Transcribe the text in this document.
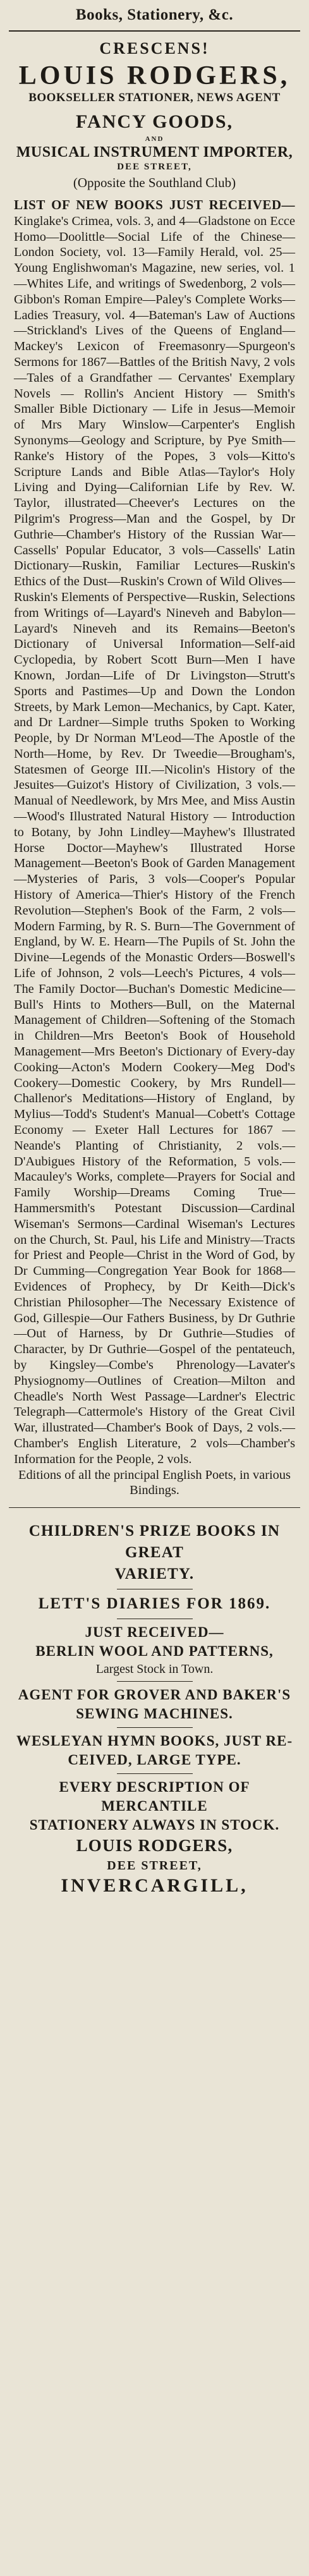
Books, Stationery, &c.
CRESCENS!
LOUIS RODGERS,
BOOKSELLER STATIONER, NEWS AGENT
FANCY GOODS,
AND
MUSICAL INSTRUMENT IMPORTER,
DEE STREET,
(Opposite the Southland Club)
LIST OF NEW BOOKS JUST RECEIVED—Kinglake's Crimea, vols. 3, and 4—Gladstone on Ecce Homo—Doolittle—Social Life of the Chinese—London Society, vol. 13—Family Herald, vol. 25—Young Englishwoman's Magazine, new series, vol. 1—Whites Life, and writings of Swedenborg, 2 vols—Gibbon's Roman Empire—Paley's Complete Works—Ladies Treasury, vol. 4—Bateman's Law of Auctions—Strickland's Lives of the Queens of England—Mackey's Lexicon of Freemasonry—Spurgeon's Sermons for 1867—Battles of the British Navy, 2 vols—Tales of a Grandfather — Cervantes' Exemplary Novels — Rollin's Ancient History — Smith's Smaller Bible Dictionary — Life in Jesus—Memoir of Mrs Mary Winslow—Carpenter's English Synonyms—Geology and Scripture, by Pye Smith—Ranke's History of the Popes, 3 vols—Kitto's Scripture Lands and Bible Atlas—Taylor's Holy Living and Dying—Californian Life by Rev. W. Taylor, illustrated—Cheever's Lectures on the Pilgrim's Progress—Man and the Gospel, by Dr Guthrie—Chamber's History of the Russian War—Cassells' Popular Educator, 3 vols—Cassells' Latin Dictionary—Ruskin, Familiar Lectures—Ruskin's Ethics of the Dust—Ruskin's Crown of Wild Olives—Ruskin's Elements of Perspective—Ruskin, Selections from Writings of—Layard's Nineveh and Babylon—Layard's Nineveh and its Remains—Beeton's Dictionary of Universal Information—Self-aid Cyclopedia, by Robert Scott Burn—Men I have Known, Jordan—Life of Dr Livingston—Strutt's Sports and Pastimes—Up and Down the London Streets, by Mark Lemon—Mechanics, by Capt. Kater, and Dr Lardner—Simple truths Spoken to Working People, by Dr Norman M'Leod—The Apostle of the North—Home, by Rev. Dr Tweedie—Brougham's, Statesmen of George III.—Nicolin's History of the Jesuites—Guizot's History of Civilization, 3 vols.—Manual of Needlework, by Mrs Mee, and Miss Austin—Wood's Illustrated Natural History — Introduction to Botany, by John Lindley—Mayhew's Illustrated Horse Doctor—Mayhew's Illustrated Horse Management—Beeton's Book of Garden Management—Mysteries of Paris, 3 vols—Cooper's Popular History of America—Thier's History of the French Revolution—Stephen's Book of the Farm, 2 vols—Modern Farming, by R. S. Burn—The Government of England, by W. E. Hearn—The Pupils of St. John the Divine—Legends of the Monastic Orders—Boswell's Life of Johnson, 2 vols—Leech's Pictures, 4 vols—The Family Doctor—Buchan's Domestic Medicine—Bull's Hints to Mothers—Bull, on the Maternal Management of Children—Softening of the Stomach in Children—Mrs Beeton's Book of Household Management—Mrs Beeton's Dictionary of Every-day Cooking—Acton's Modern Cookery—Meg Dod's Cookery—Domestic Cookery, by Mrs Rundell—Challenor's Meditations—History of England, by Mylius—Todd's Student's Manual—Cobett's Cottage Economy — Exeter Hall Lectures for 1867 — Neande's Planting of Christianity, 2 vols.—D'Aubigues History of the Reformation, 5 vols.—Macauley's Works, complete—Prayers for Social and Family Worship—Dreams Coming True—Hammersmith's Potestant Discussion—Cardinal Wiseman's Sermons—Cardinal Wiseman's Lectures on the Church, St. Paul, his Life and Ministry—Tracts for Priest and People—Christ in the Word of God, by Dr Cumming—Congregation Year Book for 1868—Evidences of Prophecy, by Dr Keith—Dick's Christian Philosopher—The Necessary Existence of God, Gillespie—Our Fathers Business, by Dr Guthrie—Out of Harness, by Dr Guthrie—Studies of Character, by Dr Guthrie—Gospel of the pentateuch, by Kingsley—Combe's Phrenology—Lavater's Physiognomy—Outlines of Creation—Milton and Cheadle's North West Passage—Lardner's Electric Telegraph—Cattermole's History of the Great Civil War, illustrated—Chamber's Book of Days, 2 vols.—Chamber's English Literature, 2 vols—Chamber's Information for the People, 2 vols.
Editions of all the principal English Poets, in various Bindings.
CHILDREN'S PRIZE BOOKS IN GREAT
VARIETY.
LETT'S DIARIES FOR 1869.
JUST RECEIVED—
BERLIN WOOL AND PATTERNS,
Largest Stock in Town.
AGENT FOR GROVER AND BAKER'S
SEWING MACHINES.
WESLEYAN HYMN BOOKS, JUST RE-
CEIVED, LARGE TYPE.
EVERY DESCRIPTION OF MERCANTILE
STATIONERY ALWAYS IN STOCK.
LOUIS RODGERS,
DEE STREET,
INVERCARGILL,
